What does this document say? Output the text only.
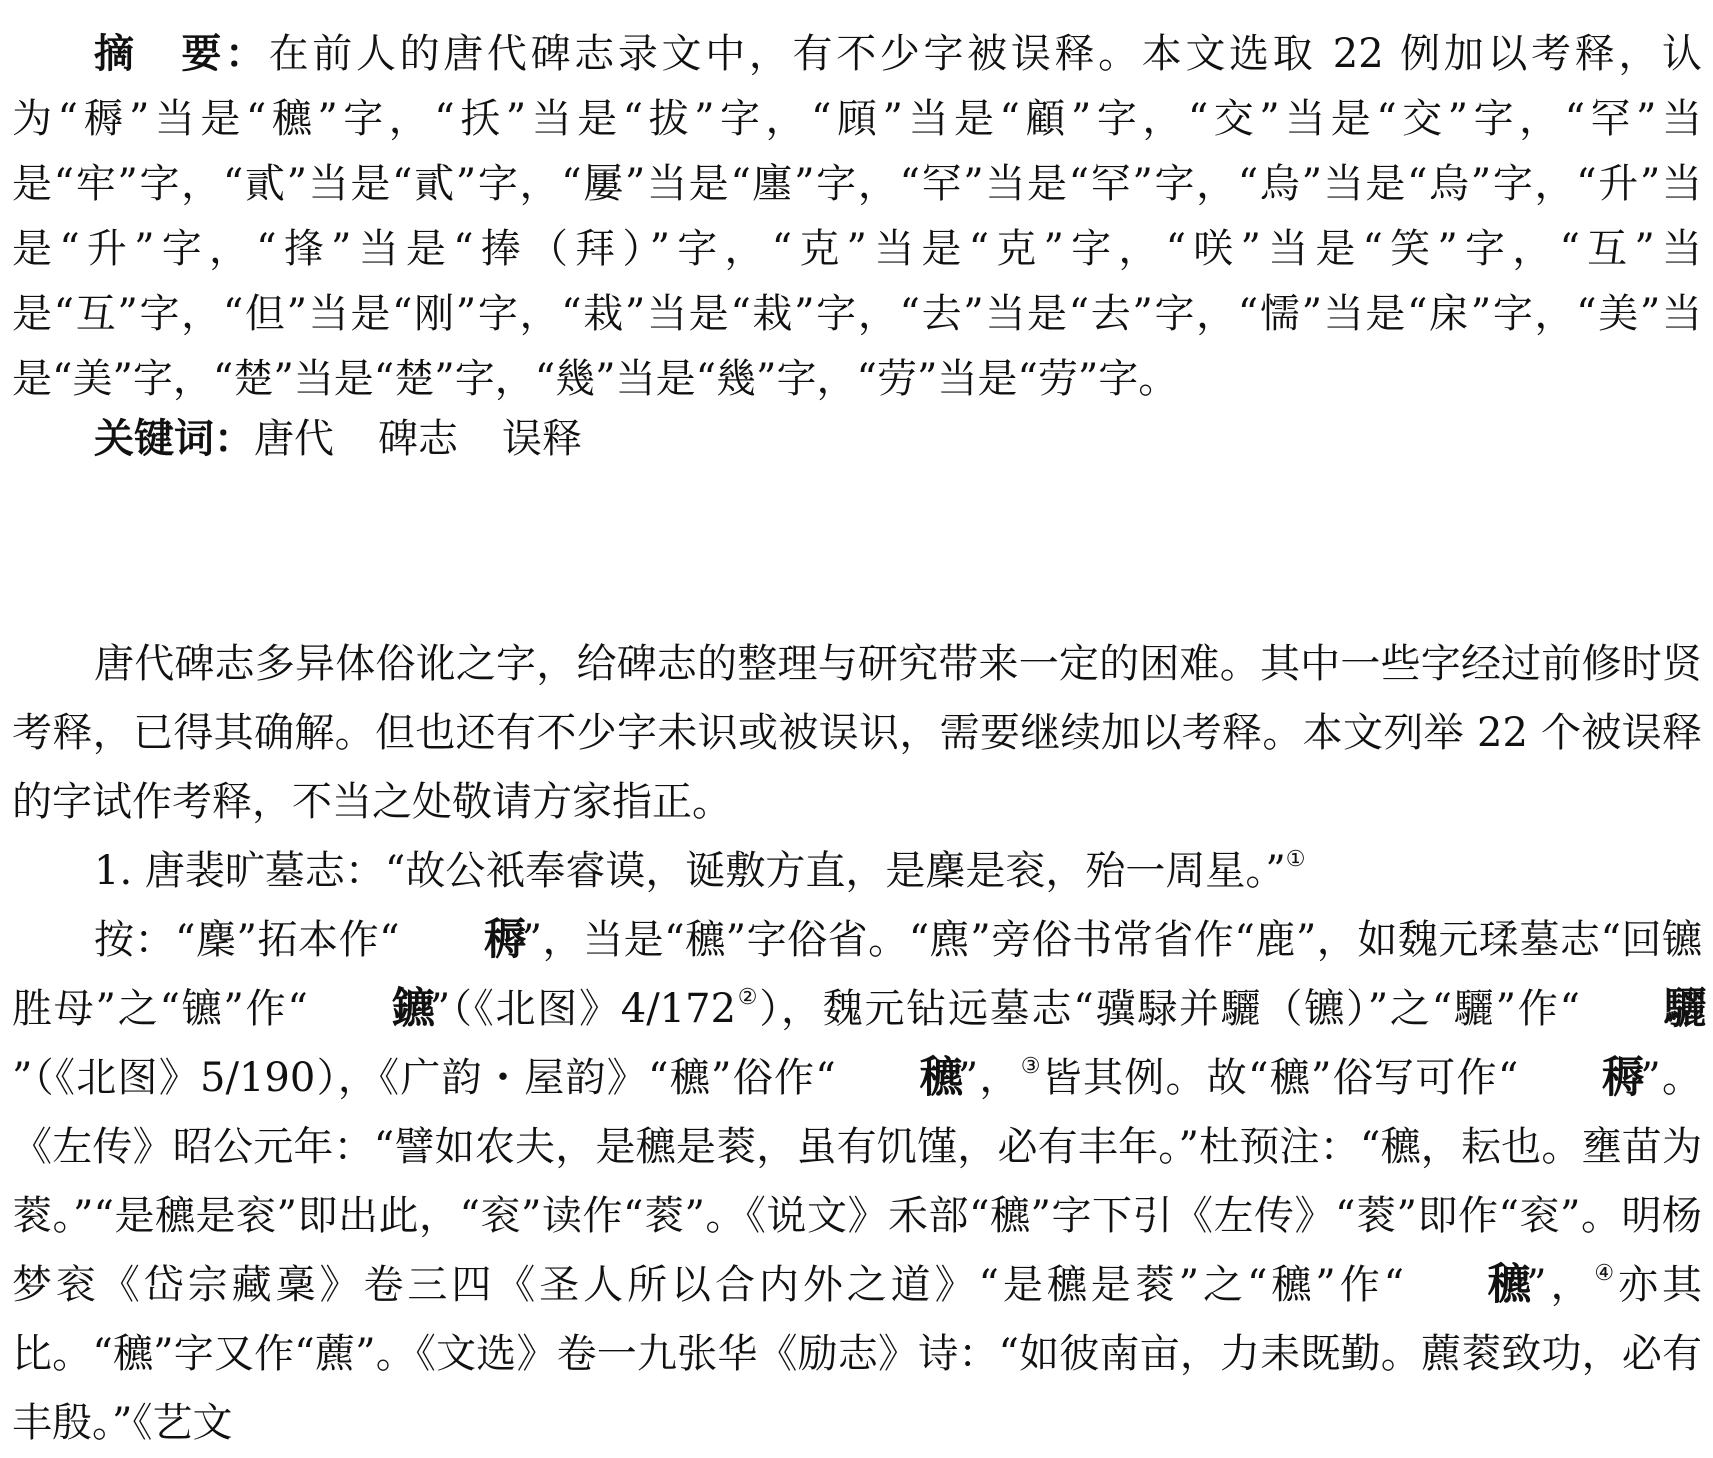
摘　要：在前人的唐代碑志录文中，有不少字被误释。本文选取 22 例加以考释，认为“䅶”当是“穮”字，“扷”当是“拔”字，“頋”当是“顧”字，“交”当是“交”字，“罕”当是“牢”字，“貳”当是“貳”字，“屢”当是“廛”字，“罕”当是“罕”字，“烏”当是“烏”字，“升”当是“升”字，“捀”当是“捧（拜）”字，“克”当是“克”字，“咲”当是“笑”字，“互”当是“互”字，“但”当是“刚”字，“栽”当是“栽”字，“去”当是“去”字，“懦”当是“㦿”字，“美”当是“美”字，“楚”当是“楚”字，“幾”当是“幾”字，“劳”当是“劳”字。

关键词：唐代 碑志 误释

唐代碑志多异体俗讹之字，给碑志的整理与研究带来一定的困难。其中一些字经过前修时贤考释，已得其确解。但也还有不少字未识或被误识，需要继续加以考释。本文列举 22 个被误释的字试作考释，不当之处敬请方家指正。

1. 唐裴旷墓志：“故公衹奉睿谟，诞敷方直，是麇是衮，殆一周星。”①

按：“麇”拓本作“ 䅶”，当是“穮”字俗省。“麃”旁俗书常省作“鹿”，如魏元瑈墓志“回镳胜母”之“镳”作“ 鑣”（《北图》4/172②），魏元钻远墓志“骥騄并驪（镳）”之“驪”作“ 驪”（《北图》5/190），《广韵・屋韵》“穮”俗作“ 穮”，③皆其例。故“穮”俗写可作“ 䅶”。《左传》昭公元年：“譬如农夫，是穮是蓘，虽有饥馑，必有丰年。”杜预注：“穮，耘也。壅苗为蓘。”“是穮是衮”即出此，“衮”读作“蓘”。《说文》禾部“穮”字下引《左传》“蓘”即作“衮”。明杨梦衮《岱宗藏稾》卷三四《圣人所以合内外之道》“是穮是蓘”之“穮”作“ 穮”，④亦其比。“穮”字又作“藨”。《文选》卷一九张华《励志》诗：“如彼南亩，力耒既勤。藨蓘致功，必有丰殷。”《艺文
